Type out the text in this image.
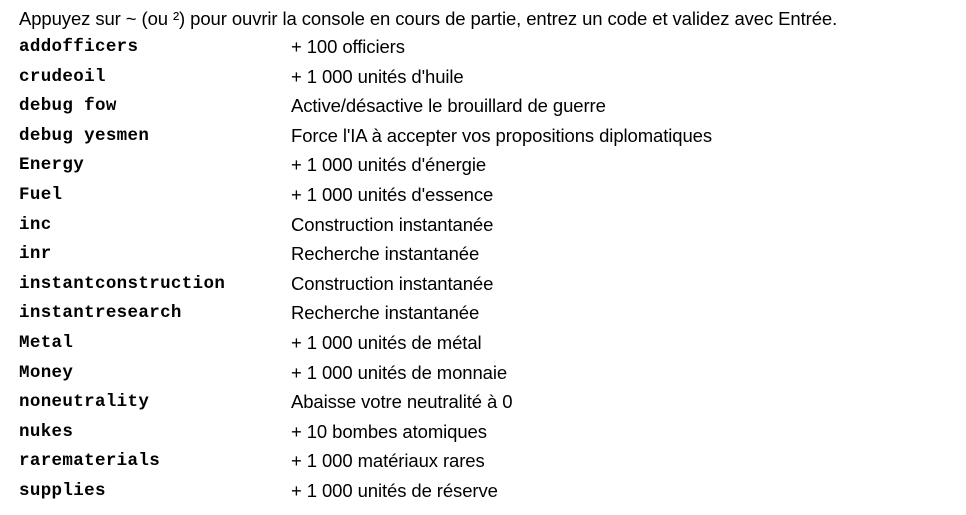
Appuyez sur ~ (ou ²) pour ouvrir la console en cours de partie, entrez un code et validez avec Entrée.
addofficers	+ 100 officiers
crudeoil	+ 1 000 unités d'huile
debug fow	Active/désactive le brouillard de guerre
debug yesmen	Force l'IA à accepter vos propositions diplomatiques
Energy	+ 1 000 unités d'énergie
Fuel	+ 1 000 unités d'essence
inc	Construction instantanée
inr	Recherche instantanée
instantconstruction	Construction instantanée
instantresearch	Recherche instantanée
Metal	+ 1 000 unités de métal
Money	+ 1 000 unités de monnaie
noneutrality	Abaisse votre neutralité à 0
nukes	+ 10 bombes atomiques
rarematerials	+ 1 000 matériaux rares
supplies	+ 1 000 unités de réserve
